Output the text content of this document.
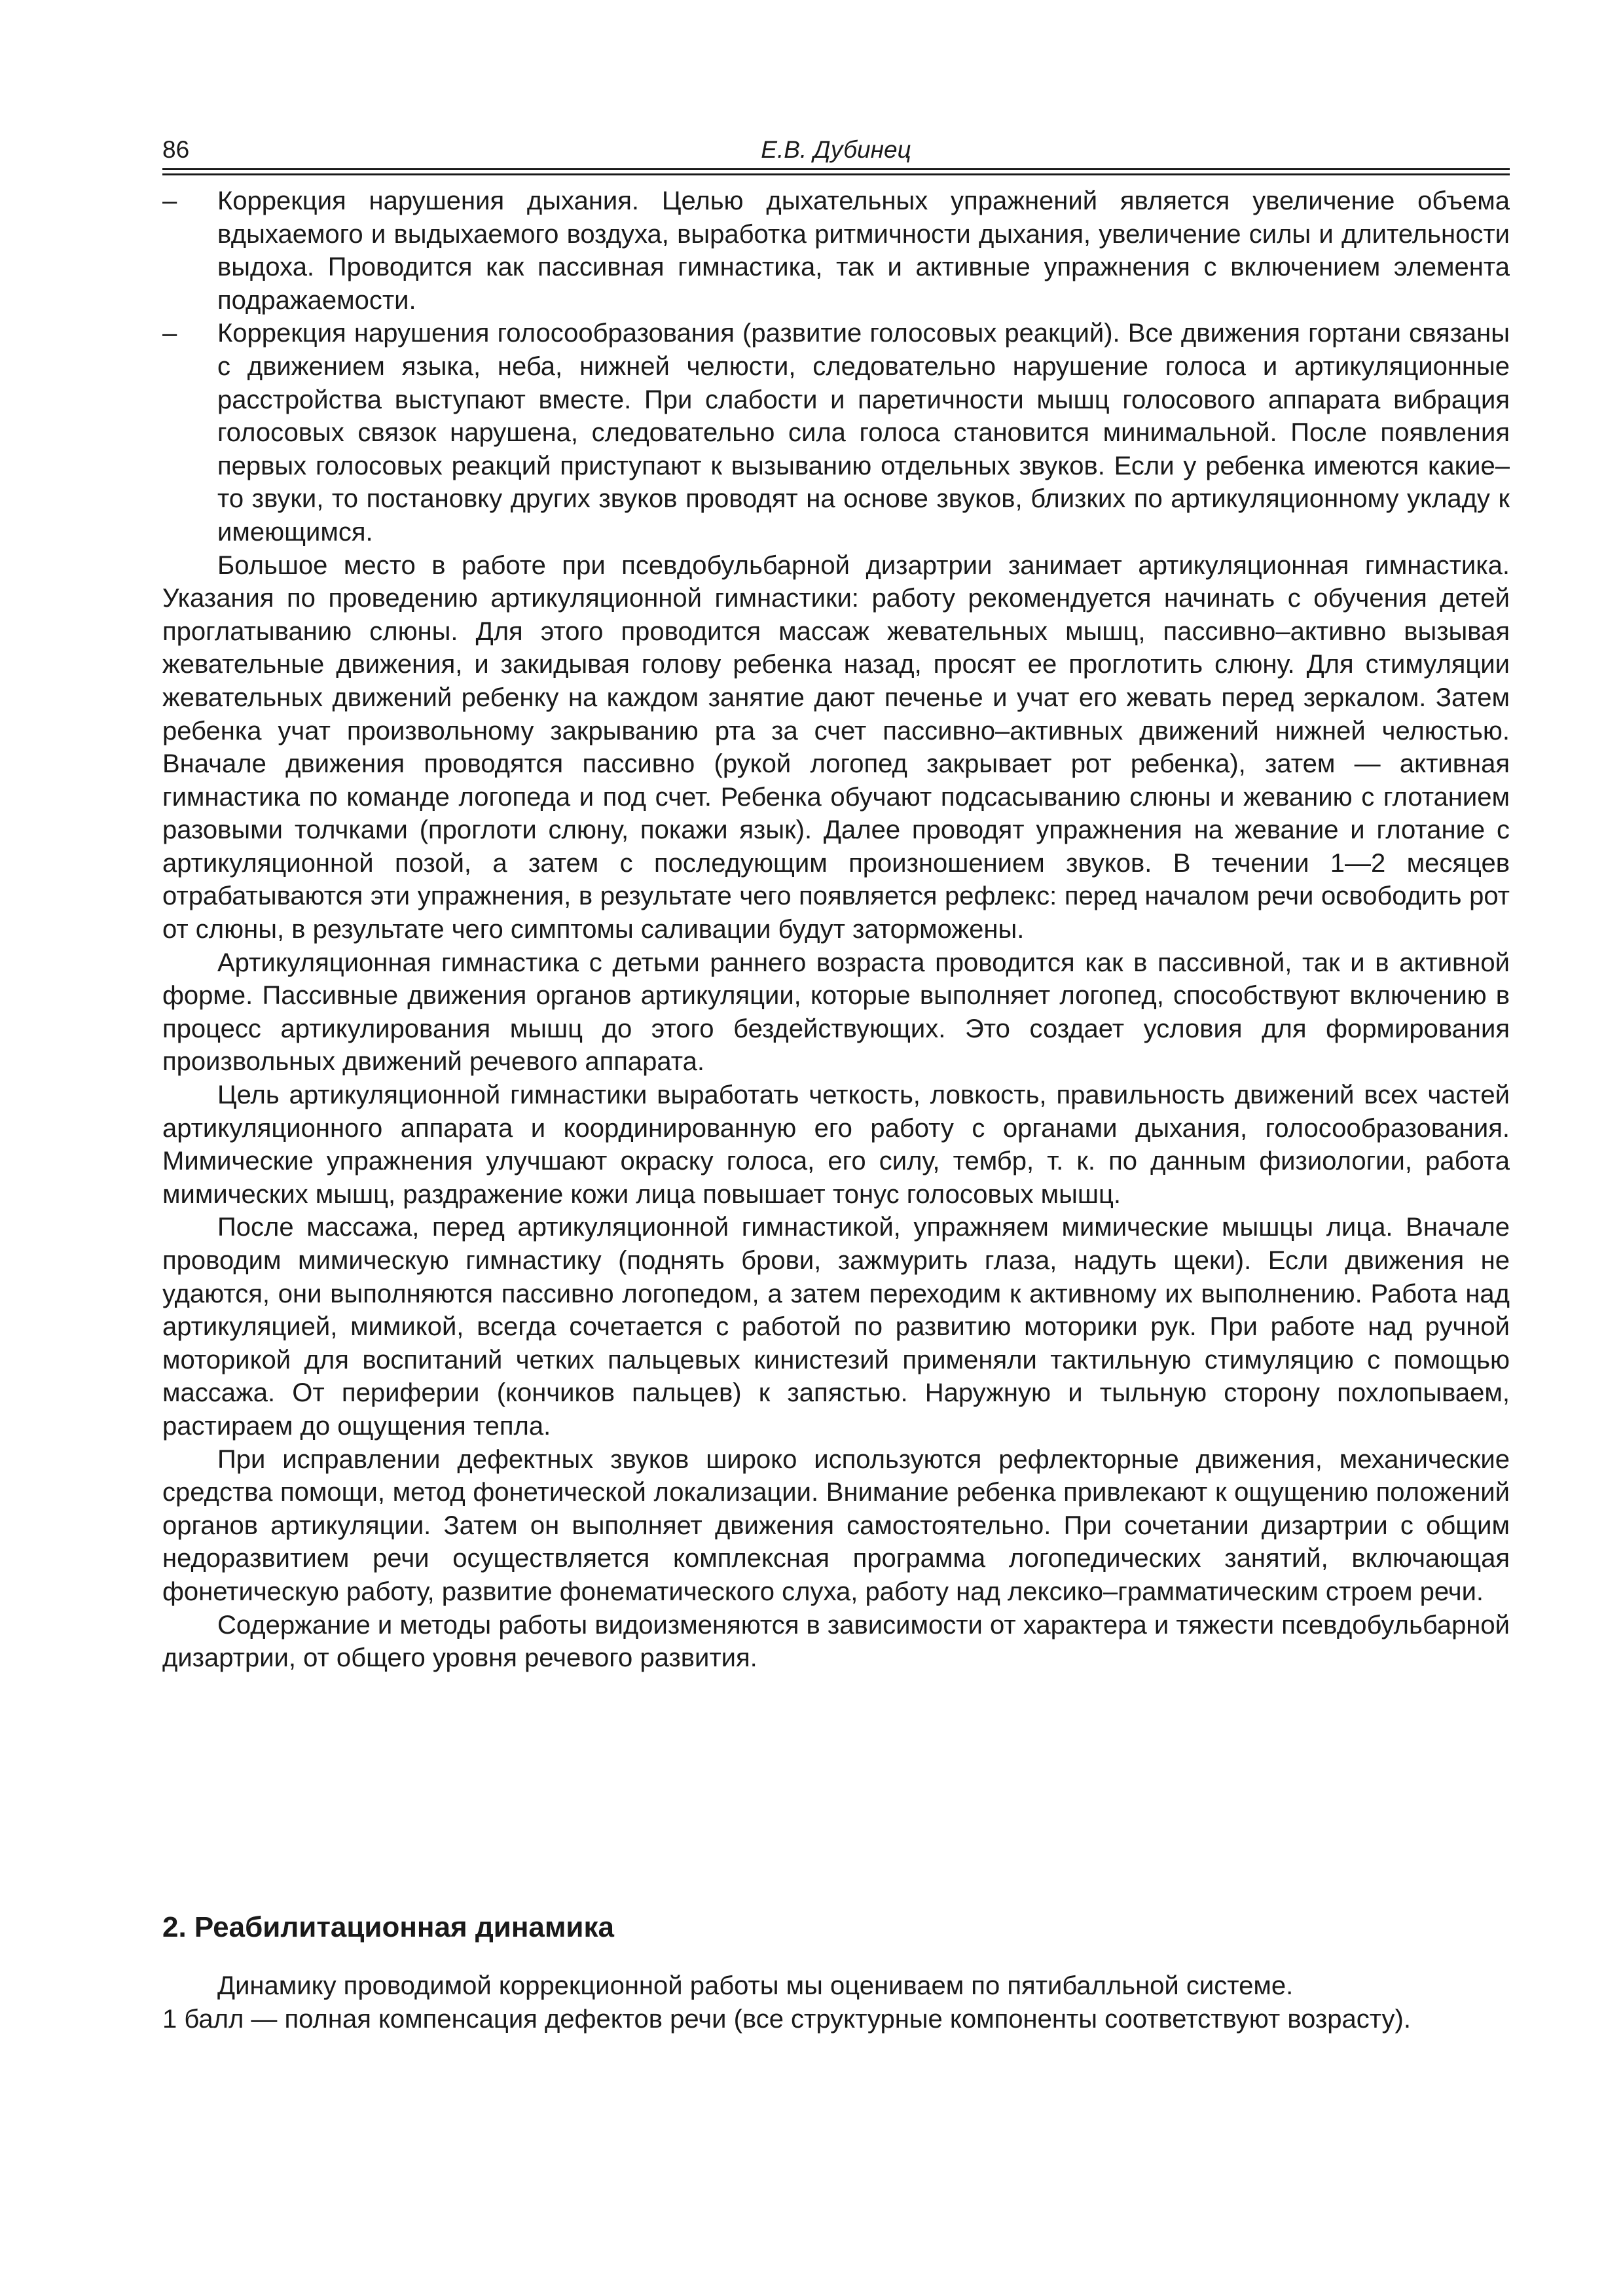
86	Е.В. Дубинец

– Коррекция нарушения дыхания. Целью дыхательных упражнений является увеличение объема вдыхаемого и выдыхаемого воздуха, выработка ритмичности дыхания, увеличение силы и длительности выдоха. Проводится как пассивная гимнастика, так и активные упражнения с включением элемента подражаемости.

– Коррекция нарушения голосообразования (развитие голосовых реакций). Все движения гортани связаны с движением языка, неба, нижней челюсти, следовательно нарушение голоса и артикуляционные расстройства выступают вместе. При слабости и паретичности мышц голосового аппарата вибрация голосовых связок нарушена, следовательно сила голоса становится минимальной. После появления первых голосовых реакций приступают к вызыванию отдельных звуков. Если у ребенка имеются какие–то звуки, то постановку других звуков проводят на основе звуков, близких по артикуляционному укладу к имеющимся.

Большое место в работе при псевдобульбарной дизартрии занимает артикуляционная гимнастика. Указания по проведению артикуляционной гимнастики: работу рекомендуется начинать с обучения детей проглатыванию слюны. Для этого проводится массаж жевательных мышц, пассивно–активно вызывая жевательные движения, и закидывая голову ребенка назад, просят ее проглотить слюну. Для стимуляции жевательных движений ребенку на каждом занятие дают печенье и учат его жевать перед зеркалом. Затем ребенка учат произвольному закрыванию рта за счет пассивно–активных движений нижней челюстью. Вначале движения проводятся пассивно (рукой логопед закрывает рот ребенка), затем — активная гимнастика по команде логопеда и под счет. Ребенка обучают подсасыванию слюны и жеванию с глотанием разовыми толчками (проглоти слюну, покажи язык). Далее проводят упражнения на жевание и глотание с артикуляционной позой, а затем с последующим произношением звуков. В течении 1—2 месяцев отрабатываются эти упражнения, в результате чего появляется рефлекс: перед началом речи освободить рот от слюны, в результате чего симптомы саливации будут заторможены.

Артикуляционная гимнастика с детьми раннего возраста проводится как в пассивной, так и в активной форме. Пассивные движения органов артикуляции, которые выполняет логопед, способствуют включению в процесс артикулирования мышц до этого бездействующих. Это создает условия для формирования произвольных движений речевого аппарата.

Цель артикуляционной гимнастики выработать четкость, ловкость, правильность движений всех частей артикуляционного аппарата и координированную его работу с органами дыхания, голосообразования. Мимические упражнения улучшают окраску голоса, его силу, тембр, т. к. по данным физиологии, работа мимических мышц, раздражение кожи лица повышает тонус голосовых мышц.

После массажа, перед артикуляционной гимнастикой, упражняем мимические мышцы лица. Вначале проводим мимическую гимнастику (поднять брови, зажмурить глаза, надуть щеки). Если движения не удаются, они выполняются пассивно логопедом, а затем переходим к активному их выполнению. Работа над артикуляцией, мимикой, всегда сочетается с работой по развитию моторики рук. При работе над ручной моторикой для воспитаний четких пальцевых кинистезий применяли тактильную стимуляцию с помощью массажа. От периферии (кончиков пальцев) к запястью. Наружную и тыльную сторону похлопываем, растираем до ощущения тепла.

При исправлении дефектных звуков широко используются рефлекторные движения, механические средства помощи, метод фонетической локализации. Внимание ребенка привлекают к ощущению положений органов артикуляции. Затем он выполняет движения самостоятельно. При сочетании дизартрии с общим недоразвитием речи осуществляется комплексная программа логопедических занятий, включающая фонетическую работу, развитие фонематического слуха, работу над лексико–грамматическим строем речи.

Содержание и методы работы видоизменяются в зависимости от характера и тяжести псевдобульбарной дизартрии, от общего уровня речевого развития.

2. Реабилитационная динамика

Динамику проводимой коррекционной работы мы оцениваем по пятибалльной системе.

1 балл — полная компенсация дефектов речи (все структурные компоненты соответствуют возрасту).
